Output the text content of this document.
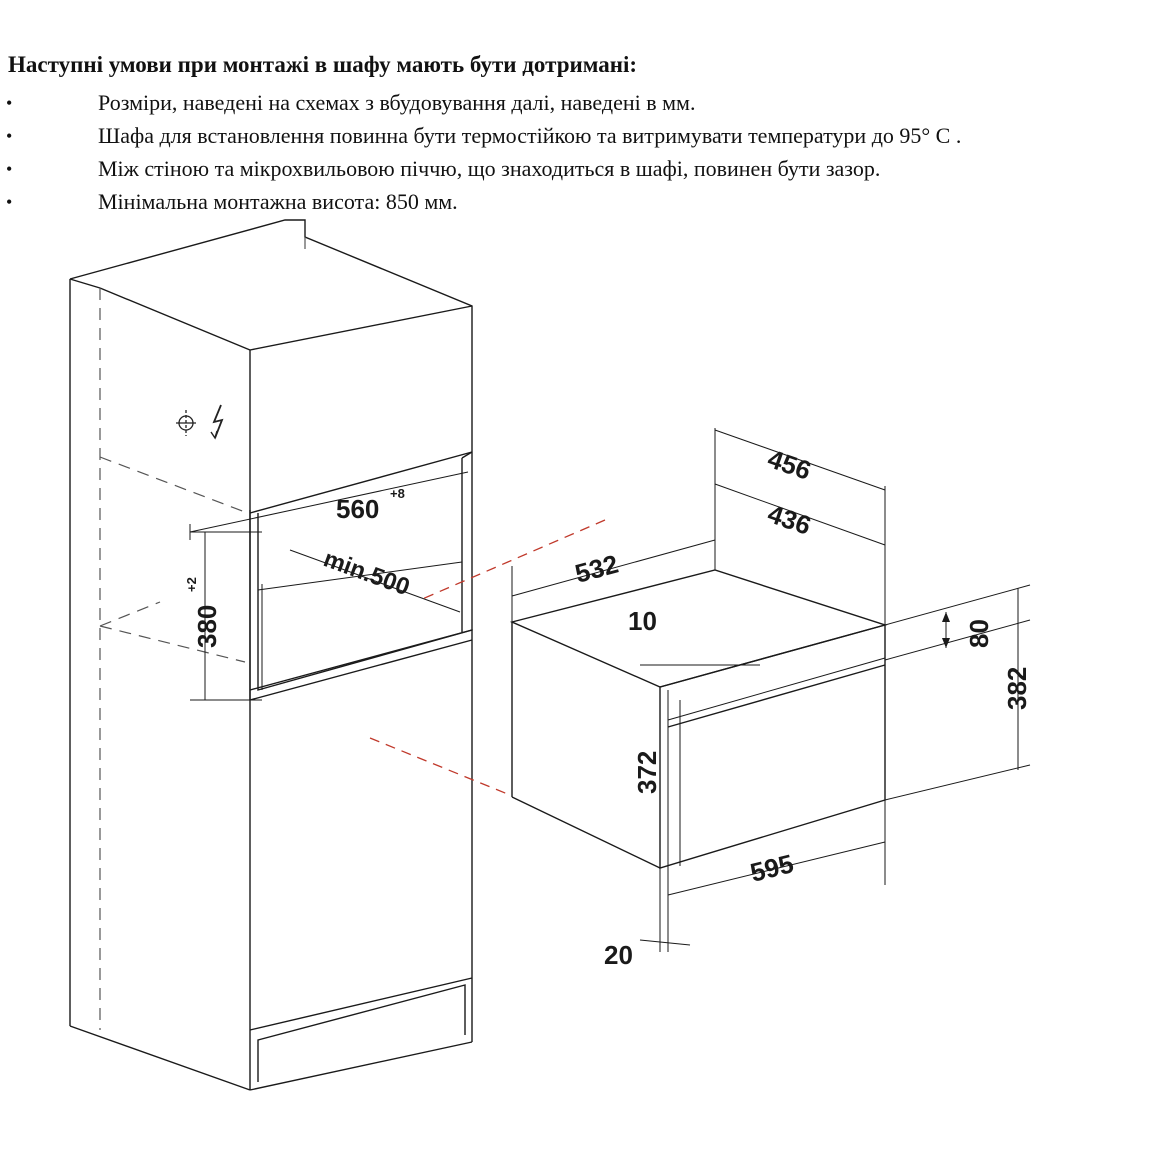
Наступні умови при монтажі в шафу мають бути дотримані:
•	Розміри, наведені на схемах з вбудовування далі, наведені в мм.
•	Шафа для встановлення повинна бути термостійкою та витримувати температури до 95° С .
•	Між стіною та мікрохвильовою піччю, що знаходиться в шафі, повинен бути зазор.
•	Мінімальна монтажна висота: 850 мм.
560
+8
380
+2	min.500
456
436
532
10
595
20
80
382
372
